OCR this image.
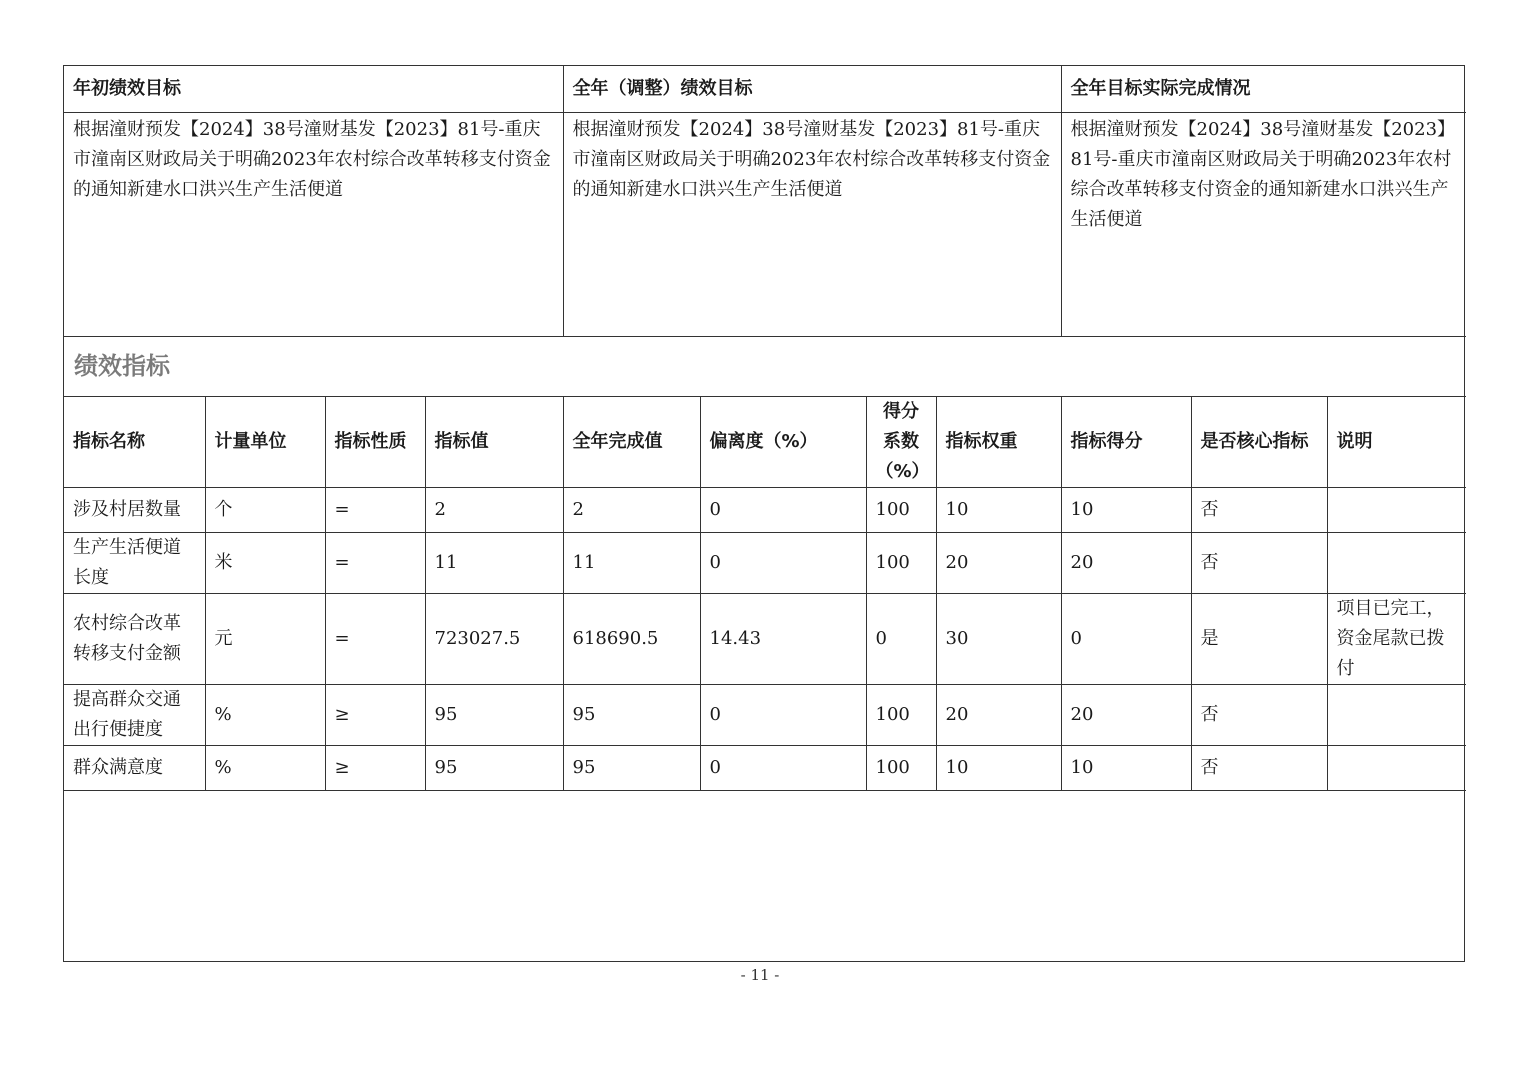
年初绩效目标				全年（调整）绩效目标				全年目标实际完成情况		
根据潼财预发【2024】38号潼财基发【2023】81号-重庆市潼南区财政局关于明确2023年农村综合改革转移支付资金的通知新建水口洪兴生产生活便道				根据潼财预发【2024】38号潼财基发【2023】81号-重庆市潼南区财政局关于明确2023年农村综合改革转移支付资金的通知新建水口洪兴生产生活便道				根据潼财预发【2024】38号潼财基发【2023】81号-重庆市潼南区财政局关于明确2023年农村综合改革转移支付资金的通知新建水口洪兴生产生活便道		
绩效指标										
指标名称	计量单位	指标性质	指标值	全年完成值	偏离度（%）	得分系数（%）	指标权重	指标得分	是否核心指标	说明
涉及村居数量	个	=	2	2	0	100	10	10	否	
生产生活便道长度	米	=	11	11	0	100	20	20	否	
农村综合改革转移支付金额	元	=	723027.5	618690.5	14.43	0	30	0	是	项目已完工，资金尾款已拨付
提高群众交通出行便捷度	%	≥	95	95	0	100	20	20	否	
群众满意度	%	≥	95	95	0	100	10	10	否	

- 11 -
